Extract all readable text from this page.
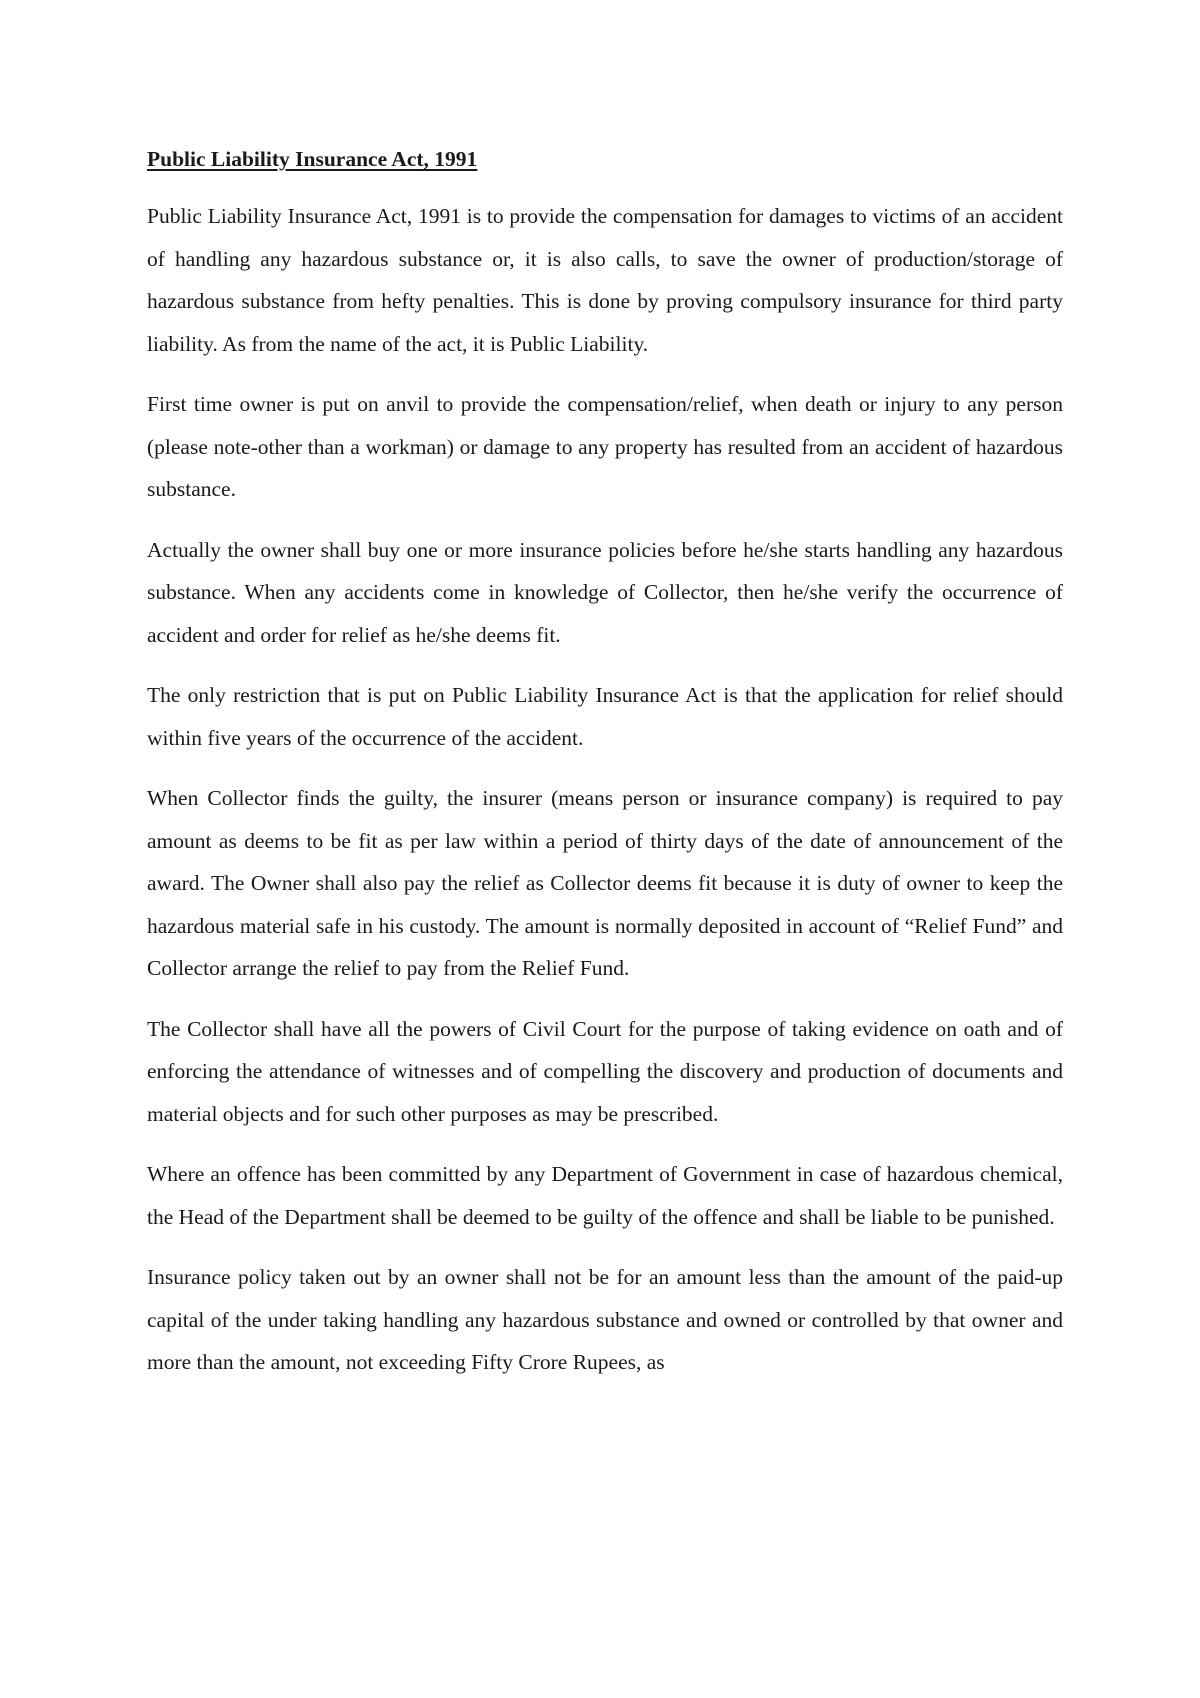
Public Liability Insurance Act, 1991

Public Liability Insurance Act, 1991 is to provide the compensation for damages to victims of an accident of handling any hazardous substance or, it is also calls, to save the owner of production/storage of hazardous substance from hefty penalties. This is done by proving compulsory insurance for third party liability. As from the name of the act, it is Public Liability.

First time owner is put on anvil to provide the compensation/relief, when death or injury to any person (please note-other than a workman) or damage to any property has resulted from an accident of hazardous substance.

Actually the owner shall buy one or more insurance policies before he/she starts handling any hazardous substance. When any accidents come in knowledge of Collector, then he/she verify the occurrence of accident and order for relief as he/she deems fit.

The only restriction that is put on Public Liability Insurance Act is that the application for relief should within five years of the occurrence of the accident.

When Collector finds the guilty, the insurer (means person or insurance company) is required to pay amount as deems to be fit as per law within a period of thirty days of the date of announcement of the award. The Owner shall also pay the relief as Collector deems fit because it is duty of owner to keep the hazardous material safe in his custody. The amount is normally deposited in account of “Relief Fund” and Collector arrange the relief to pay from the Relief Fund.

The Collector shall have all the powers of Civil Court for the purpose of taking evidence on oath and of enforcing the attendance of witnesses and of compelling the discovery and production of documents and material objects and for such other purposes as may be prescribed.

Where an offence has been committed by any Department of Government in case of hazardous chemical, the Head of the Department shall be deemed to be guilty of the offence and shall be liable to be punished.

Insurance policy taken out by an owner shall not be for an amount less than the amount of the paid-up capital of the under taking handling any hazardous substance and owned or controlled by that owner and more than the amount, not exceeding Fifty Crore Rupees, as
